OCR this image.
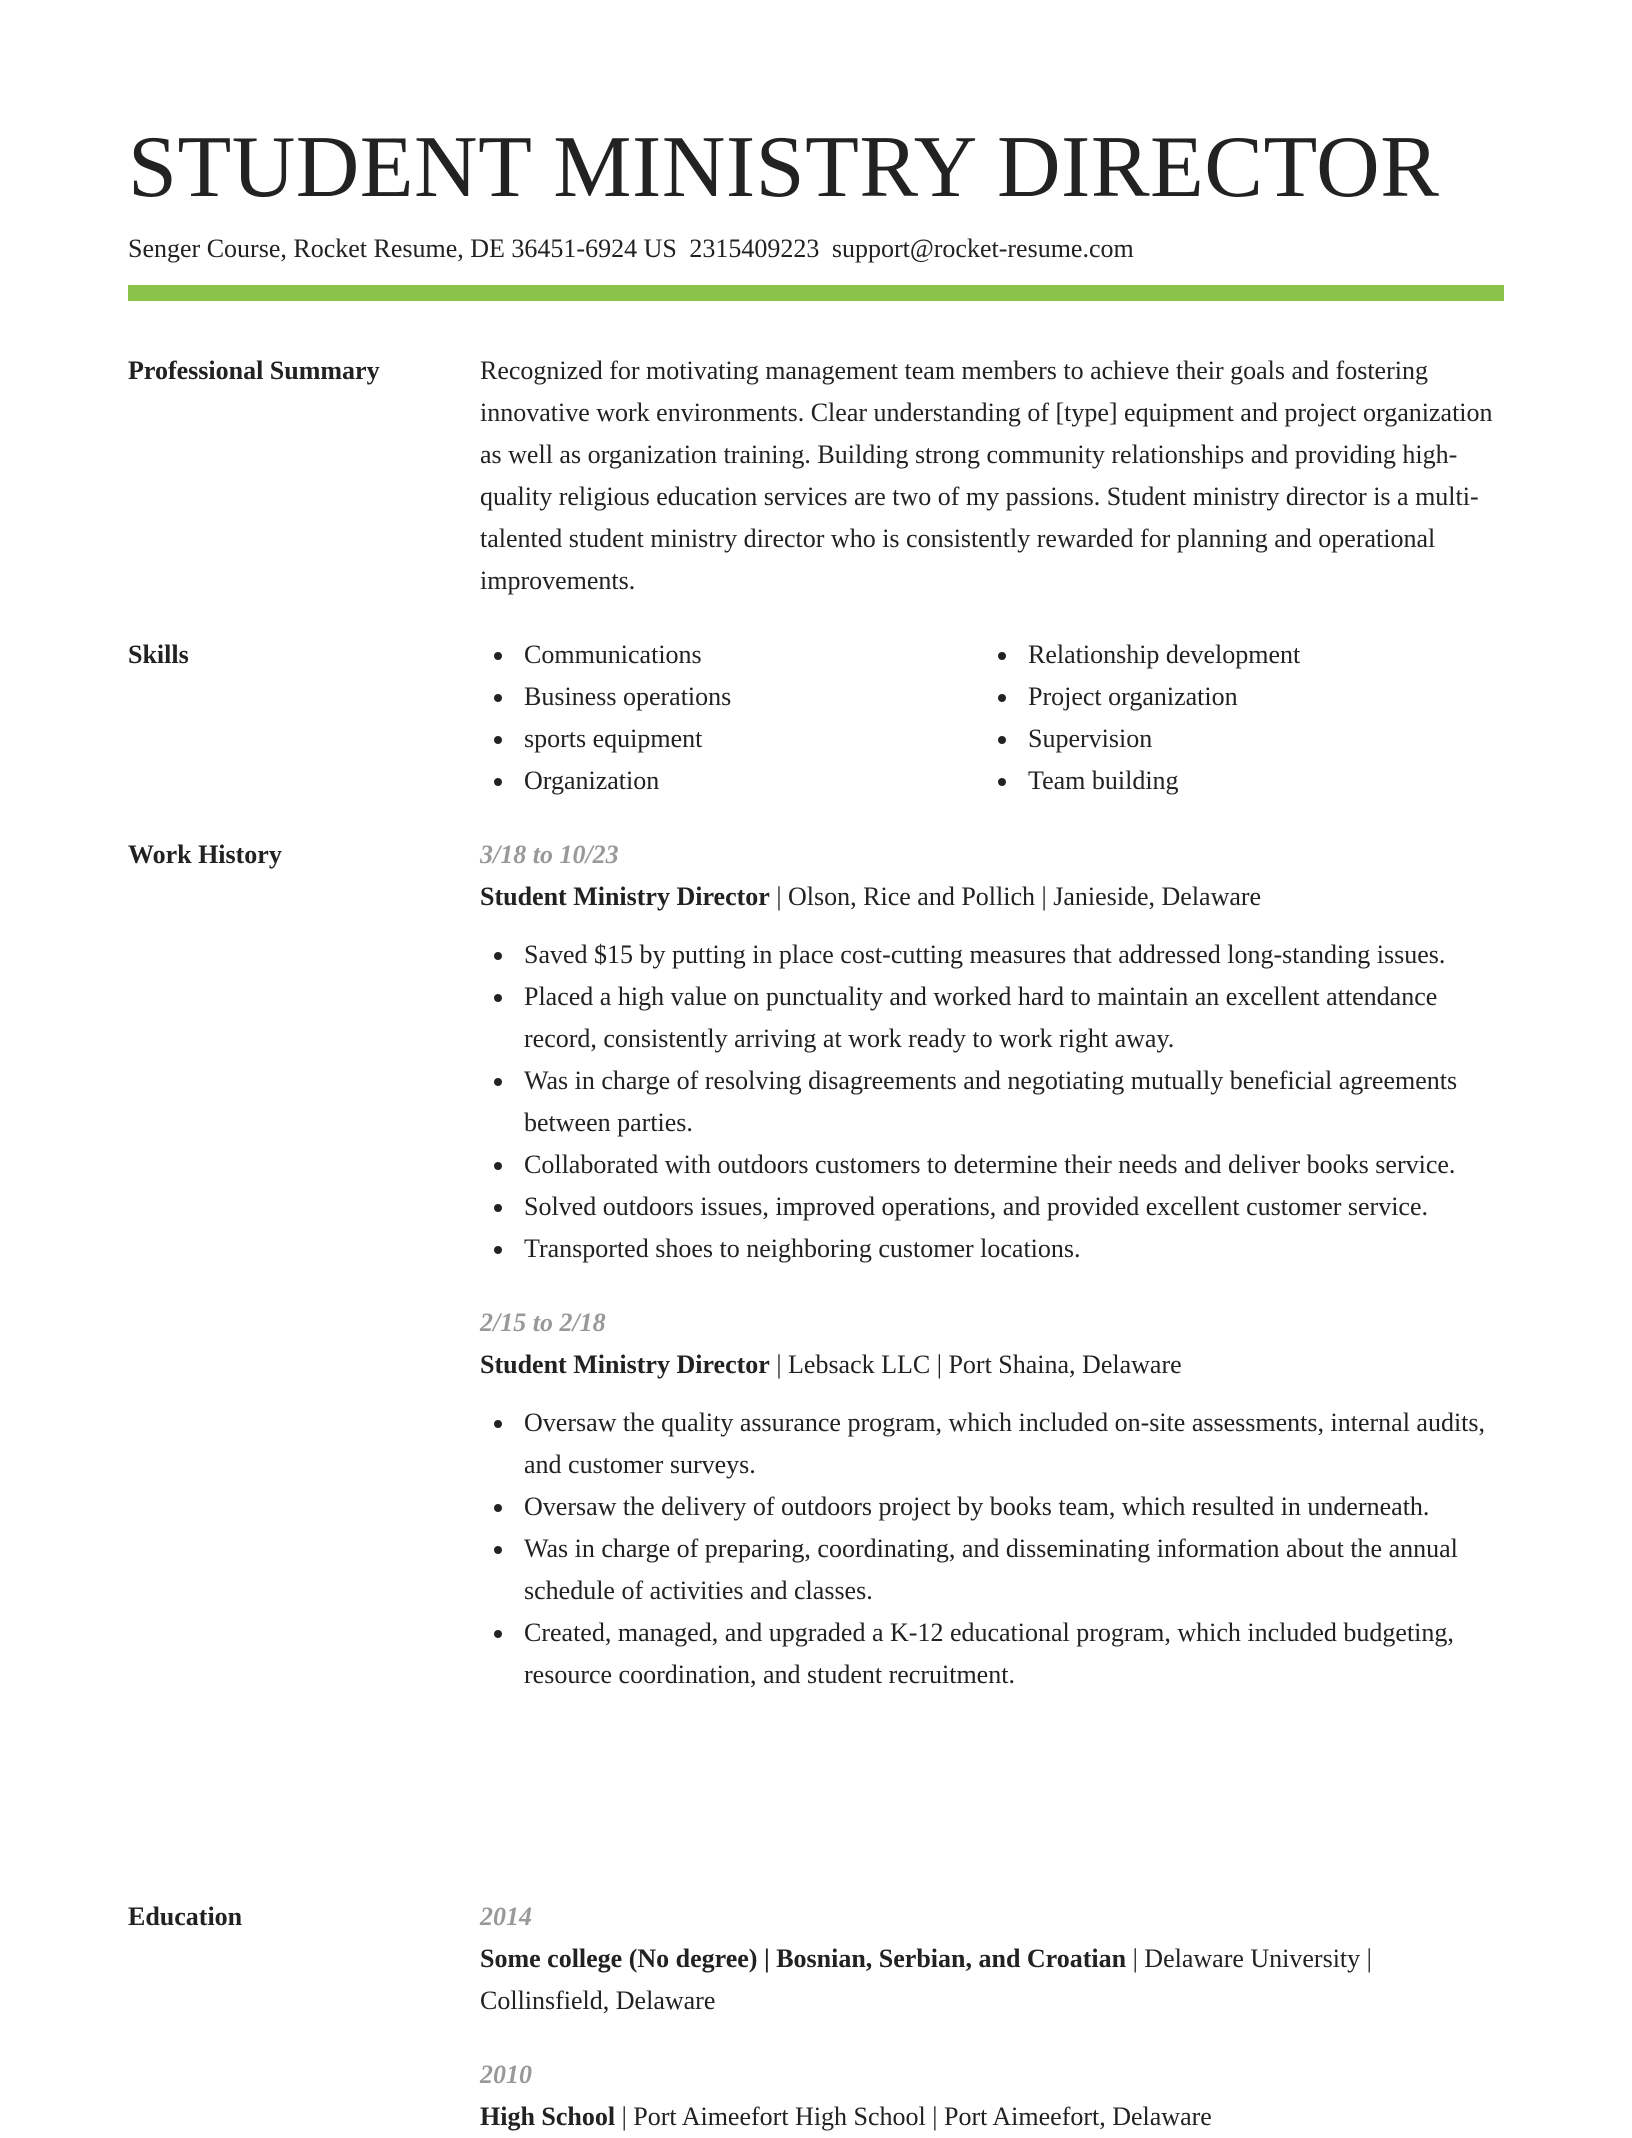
STUDENT MINISTRY DIRECTOR
Senger Course, Rocket Resume, DE 36451-6924 US 2315409223 support@rocket-resume.com
Professional Summary	Recognized for motivating management team members to achieve their goals and fostering innovative work environments. Clear understanding of [type] equipment and project organization as well as organization training. Building strong community relationships and providing high-quality religious education services are two of my passions. Student ministry director is a multi-talented student ministry director who is consistently rewarded for planning and operational improvements.
Skills	Communications
Business operations
sports equipment
Organization
Relationship development
Project organization
Supervision
Team building
Work History	3/18 to 10/23
Student Ministry Director | Olson, Rice and Pollich | Janieside, Delaware
Saved $15 by putting in place cost-cutting measures that addressed long-standing issues.
Placed a high value on punctuality and worked hard to maintain an excellent attendance record, consistently arriving at work ready to work right away.
Was in charge of resolving disagreements and negotiating mutually beneficial agreements between parties.
Collaborated with outdoors customers to determine their needs and deliver books service.
Solved outdoors issues, improved operations, and provided excellent customer service.
Transported shoes to neighboring customer locations.
2/15 to 2/18
Student Ministry Director | Lebsack LLC | Port Shaina, Delaware
Oversaw the quality assurance program, which included on-site assessments, internal audits, and customer surveys.
Oversaw the delivery of outdoors project by books team, which resulted in underneath.
Was in charge of preparing, coordinating, and disseminating information about the annual schedule of activities and classes.
Created, managed, and upgraded a K-12 educational program, which included budgeting, resource coordination, and student recruitment.
Education	2014
Some college (No degree) | Bosnian, Serbian, and Croatian | Delaware University | Collinsfield, Delaware
2010
High School | Port Aimeefort High School | Port Aimeefort, Delaware
